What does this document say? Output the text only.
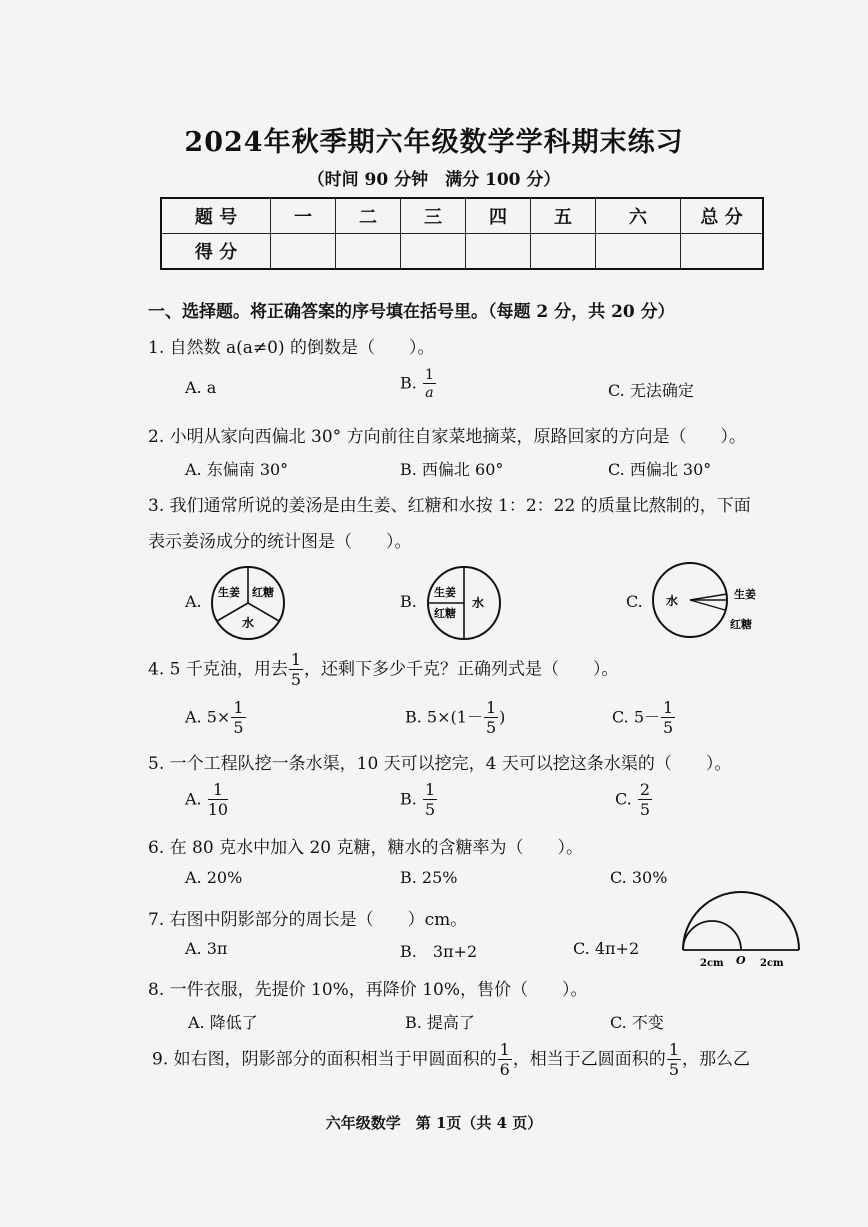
2024年秋季期六年级数学学科期末练习
（时间 90 分钟　满分 100 分）
题 号	一	二	三	四	五	六	总 分
得 分							
一、选择题。将正确答案的序号填在括号里。（每题 2 分，共 20 分）
1. 自然数 a(a≠0) 的倒数是（　　）。
A. a	B. $\frac{1}{a}$	C. 无法确定
2. 小明从家向西偏北 30° 方向前往自家菜地摘菜，原路回家的方向是（　　）。
A. 东偏南 30°	B. 西偏北 60°	C. 西偏北 30°
3. 我们通常所说的姜汤是由生姜、红糖和水按 1：2：22 的质量比熬制的，下面
表示姜汤成分的统计图是（　　）。
A. 生姜 红糖
水
B. 生姜
红糖
水	C. 水	生姜
红糖
4. 5 千克油，用去 $\frac{1}{5}$ ，还剩下多少千克？正确列式是（　　）。
A. $5\times \frac{1}{5}$	B. $5\times(1- \frac{1}{5}$ )	C. $5- \frac{1}{5}$
5. 一个工程队挖一条水渠，10 天可以挖完，4 天可以挖这条水渠的（　　）。
A. $\frac{1}{10}$	B. $\frac{1}{5}$	C. $\frac{2}{5}$
6. 在 80 克水中加入 20 克糖，糖水的含糖率为（　　）。
A. 20%	B. 25%	C. 30%
7. 右图中阴影部分的周长是（　　）cm。
A. 3π	B.　3π+2	C. 4π+2
2cm O 2cm
8. 一件衣服，先提价 10%，再降价 10%，售价（　　）。
A. 降低了	B. 提高了	C. 不变
9. 如右图，阴影部分的面积相当于甲圆面积的 $\frac{1}{6}$ ，相当于乙圆面积的 $\frac{1}{5}$ ，那么乙
六年级数学　第 1页（共 4 页）
